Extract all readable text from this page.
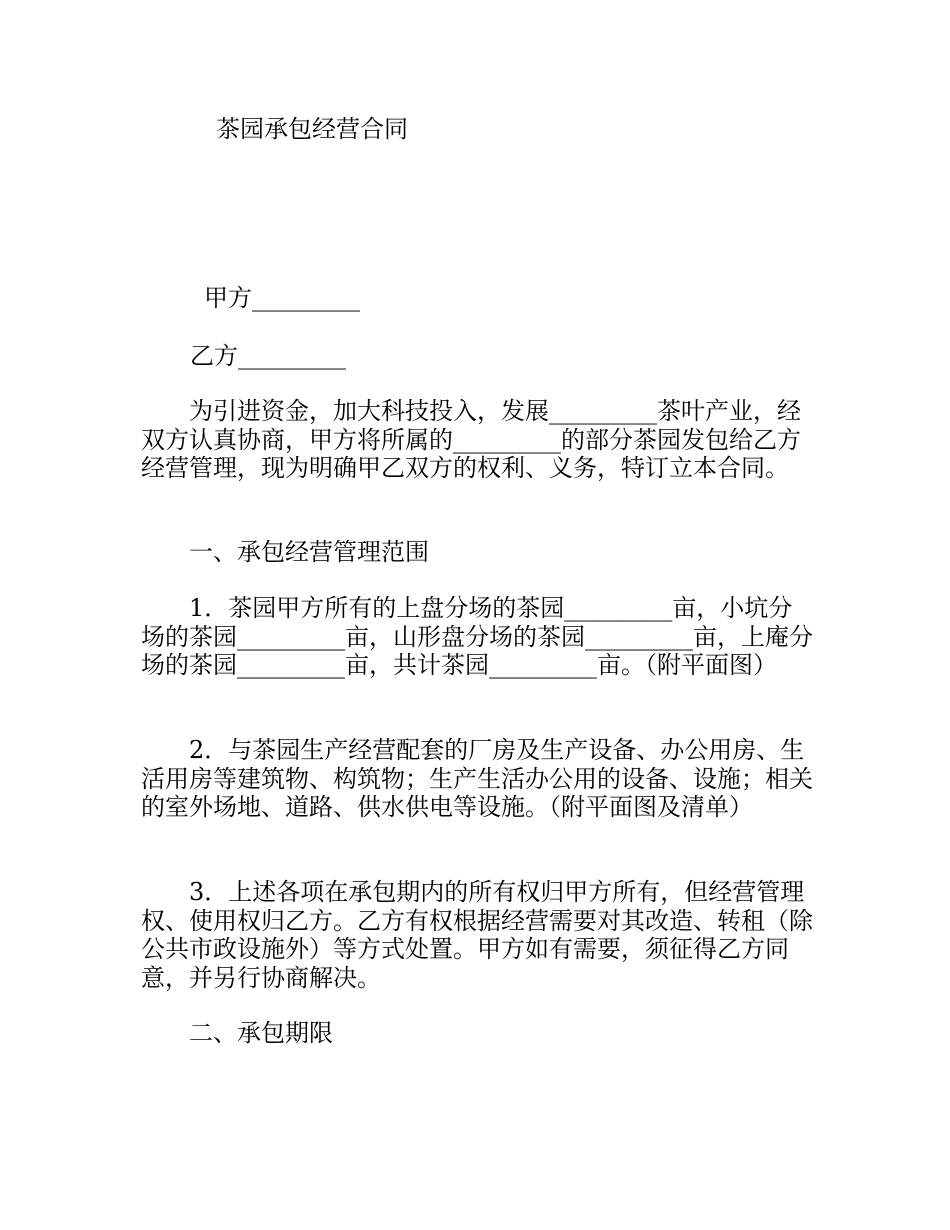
茶园承包经营合同
甲方_________
乙方_________
为引进资金，加大科技投入，发展_________茶叶产业，经双方认真协商，甲方将所属的_________的部分茶园发包给乙方经营管理，现为明确甲乙双方的权利、义务，特订立本合同。
一、承包经营管理范围
1．茶园甲方所有的上盘分场的茶园_________亩，小坑分场的茶园_________亩，山形盘分场的茶园_________亩，上庵分场的茶园_________亩，共计茶园_________亩。（附平面图）
2．与茶园生产经营配套的厂房及生产设备、办公用房、生活用房等建筑物、构筑物；生产生活办公用的设备、设施；相关的室外场地、道路、供水供电等设施。（附平面图及清单）
3．上述各项在承包期内的所有权归甲方所有，但经营管理权、使用权归乙方。乙方有权根据经营需要对其改造、转租（除公共市政设施外）等方式处置。甲方如有需要，须征得乙方同意，并另行协商解决。
二、承包期限
